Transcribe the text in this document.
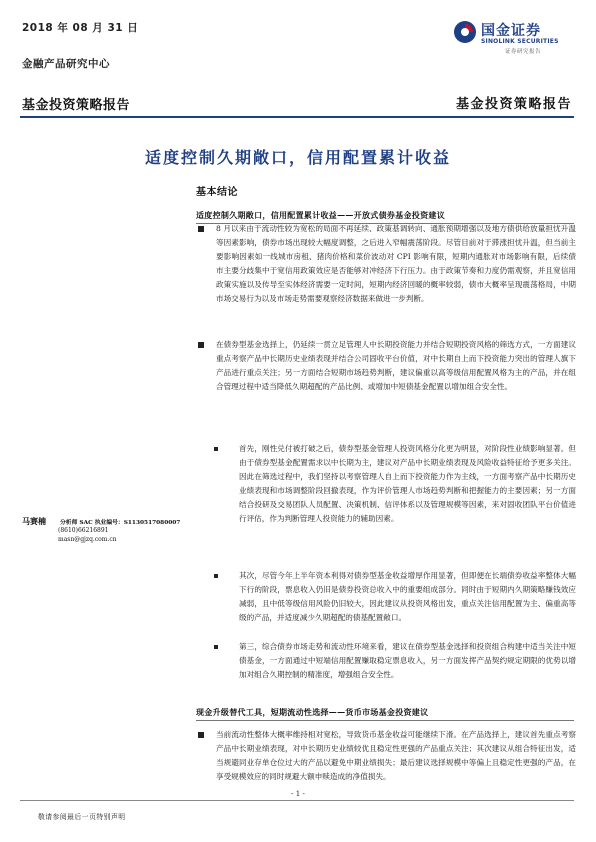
2018 年 08 月 31 日
金融产品研究中心
国金证券
SINOLINK SECURITIES
证券研究报告
基金投资策略报告	基金投资策略报告
适度控制久期敞口，信用配置累计收益
基本结论
适度控制久期敞口，信用配置累计收益——开放式债券基金投资建议
8 月以来由于流动性较为宽松的局面不再延续、政策基调转向、通胀预期增强以及地方债供给放量担忧升温等因素影响，债券市场出现较大幅度调整，之后进入窄幅震荡阶段。尽管目前对于滞涨担忧升温，但当前主要影响因素如一线城市房租、猪肉价格和菜价波动对 CPI 影响有限，短期内通胀对市场影响有限，后续债市主要分歧集中于宽信用政策效应是否能够对冲经济下行压力。由于政策节奏和力度仍需观察，并且宽信用政策实施以及传导至实体经济需要一定时间，短期内经济回暖的概率较弱，债市大概率呈现震荡格局，中期市场交易行为以及市场走势需要观察经济数据来做进一步判断。
在债券型基金选择上，仍延续一贯立足管理人中长期投资能力并结合短期投资风格的筛选方式，一方面建议重点考察产品中长期历史业绩表现并结合公司固收平台价值，对中长期自上而下投资能力突出的管理人旗下产品进行重点关注；另一方面结合短期市场趋势判断，建议偏重以高等级信用配置风格为主的产品，并在组合管理过程中适当降低久期超配的产品比例、或增加中短债基金配置以增加组合安全性。
首先，刚性兑付被打破之后，债券型基金管理人投资风格分化更为明显，对阶段性业绩影响显著。但由于债券型基金配置需求以中长期为主，建议对产品中长期业绩表现及风险收益特征给予更多关注。因此在筛选过程中，我们坚持以考察管理人自上而下投资能力作为主线，一方面考察产品中长期历史业绩表现和市场调整阶段回撤表现，作为评价管理人市场趋势判断和把握能力的主要因素；另一方面结合投研及交易团队人员配置、决策机制、信评体系以及管理规模等因素，来对固收团队平台价值进行评估，作为判断管理人投资能力的辅助因素。
其次，尽管今年上半年资本利得对债券型基金收益增厚作用显著，但即便在长端债券收益率整体大幅下行的阶段，票息收入仍旧是债券投资总收入中的重要组成部分。同时由于短期内久期策略赚钱效应减弱，且中低等级信用风险仍旧较大，因此建议从投资风格出发，重点关注信用配置为主、偏重高等级的产品，并适度减少久期超配的债基配置敞口。
第三，综合债券市场走势和流动性环境来看，建议在债券型基金选择和投资组合构建中适当关注中短债基金，一方面通过中短端信用配置赚取稳定票息收入，另一方面发挥产品契约规定期限的优势以增加对组合久期控制的精准度，增强组合安全性。
现金升级替代工具，短期流动性选择——货币市场基金投资建议
当前流动性整体大概率维持相对宽松，导致货币基金收益可能继续下滑。在产品选择上，建议首先重点考察产品中长期业绩表现，对中长期历史业绩较优且稳定性更强的产品重点关注；其次建议从组合特征出发，适当规避同业存单仓位过大的产品以避免中期业绩损失；最后建议选择规模中等偏上且稳定性更强的产品，在享受规模效应的同时规避大额申赎造成的净值损失。
马赛楠 分析师 SAC 执业编号：S1130517080007
(8610)66216891
masn@gjzq.com.cn
- 1 -
敬请参阅最后一页特别声明
